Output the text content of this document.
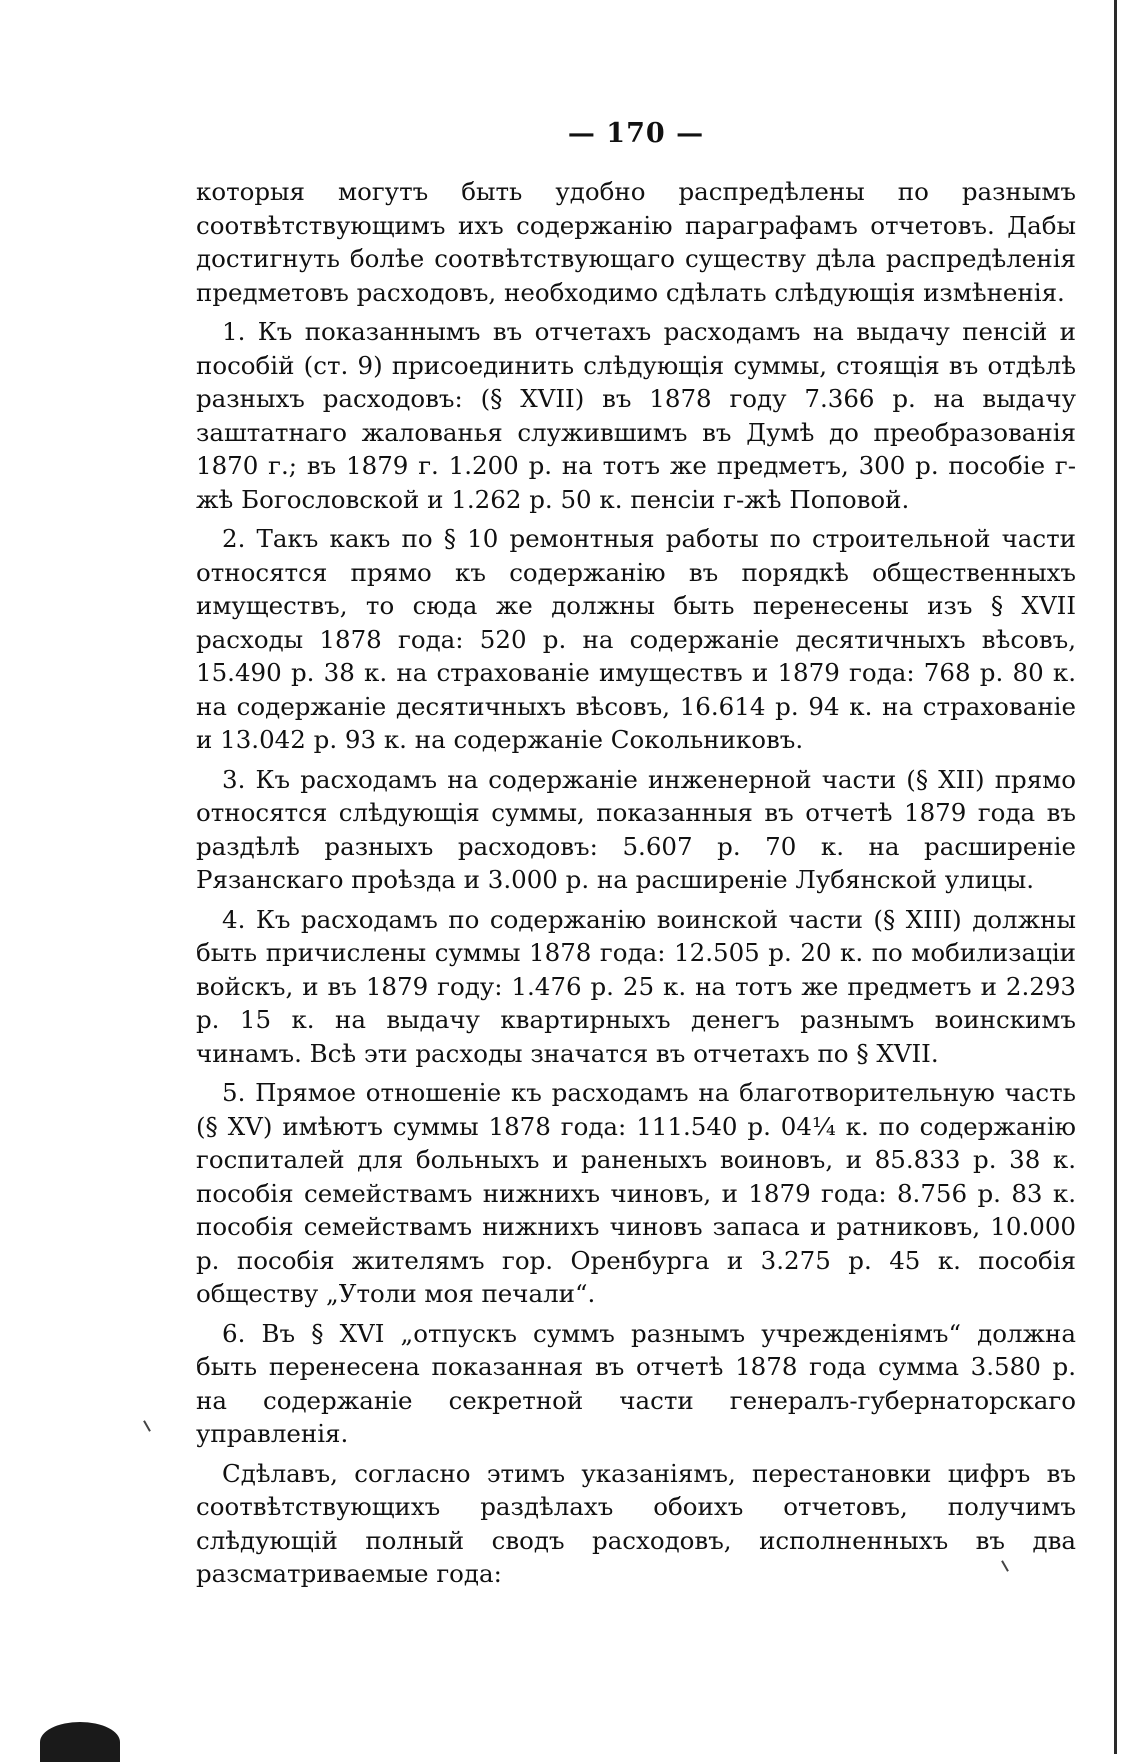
— 170 —

которыя могутъ быть удобно распредѣлены по разнымъ соотвѣтствующимъ ихъ содержанію параграфамъ отчетовъ. Дабы достигнуть болѣе соотвѣтствующаго существу дѣла распредѣленія предметовъ расходовъ, необходимо сдѣлать слѣдующія измѣненія.

1. Къ показаннымъ въ отчетахъ расходамъ на выдачу пенсій и пособій (ст. 9) присоединить слѣдующія суммы, стоящія въ отдѣлѣ разныхъ расходовъ: (§ XVII) въ 1878 году 7.366 р. на выдачу заштатнаго жалованья служившимъ въ Думѣ до преобразованія 1870 г.; въ 1879 г. 1.200 р. на тотъ же предметъ, 300 р. пособіе г-жѣ Богословской и 1.262 р. 50 к. пенсіи г-жѣ Поповой.

2. Такъ какъ по § 10 ремонтныя работы по строительной части относятся прямо къ содержанію въ порядкѣ общественныхъ имуществъ, то сюда же должны быть перенесены изъ § XVII расходы 1878 года: 520 р. на содержаніе десятичныхъ вѣсовъ, 15.490 р. 38 к. на страхованіе имуществъ и 1879 года: 768 р. 80 к. на содержаніе десятичныхъ вѣсовъ, 16.614 р. 94 к. на страхованіе и 13.042 р. 93 к. на содержаніе Сокольниковъ.

3. Къ расходамъ на содержаніе инженерной части (§ XII) прямо относятся слѣдующія суммы, показанныя въ отчетѣ 1879 года въ раздѣлѣ разныхъ расходовъ: 5.607 р. 70 к. на расширеніе Рязанскаго проѣзда и 3.000 р. на расширеніе Лубянской улицы.

4. Къ расходамъ по содержанію воинской части (§ XIII) должны быть причислены суммы 1878 года: 12.505 р. 20 к. по мобилизаціи войскъ, и въ 1879 году: 1.476 р. 25 к. на тотъ же предметъ и 2.293 р. 15 к. на выдачу квартирныхъ денегъ разнымъ воинскимъ чинамъ. Всѣ эти расходы значатся въ отчетахъ по § XVII.

5. Прямое отношеніе къ расходамъ на благотворительную часть (§ XV) имѣютъ суммы 1878 года: 111.540 р. 04¼ к. по содержанію госпиталей для больныхъ и раненыхъ воиновъ, и 85.833 р. 38 к. пособія семействамъ нижнихъ чиновъ, и 1879 года: 8.756 р. 83 к. пособія семействамъ нижнихъ чиновъ запаса и ратниковъ, 10.000 р. пособія жителямъ гор. Оренбурга и 3.275 р. 45 к. пособія обществу „Утоли моя печали“.

6. Въ § XVI „отпускъ суммъ разнымъ учрежденіямъ“ должна быть перенесена показанная въ отчетѣ 1878 года сумма 3.580 р. на содержаніе секретной части генералъ-губернаторскаго управленія.

Сдѣлавъ, согласно этимъ указаніямъ, перестановки цифръ въ соотвѣтствующихъ раздѣлахъ обоихъ отчетовъ, получимъ слѣдующій полный сводъ расходовъ, исполненныхъ въ два разсматриваемые года:
